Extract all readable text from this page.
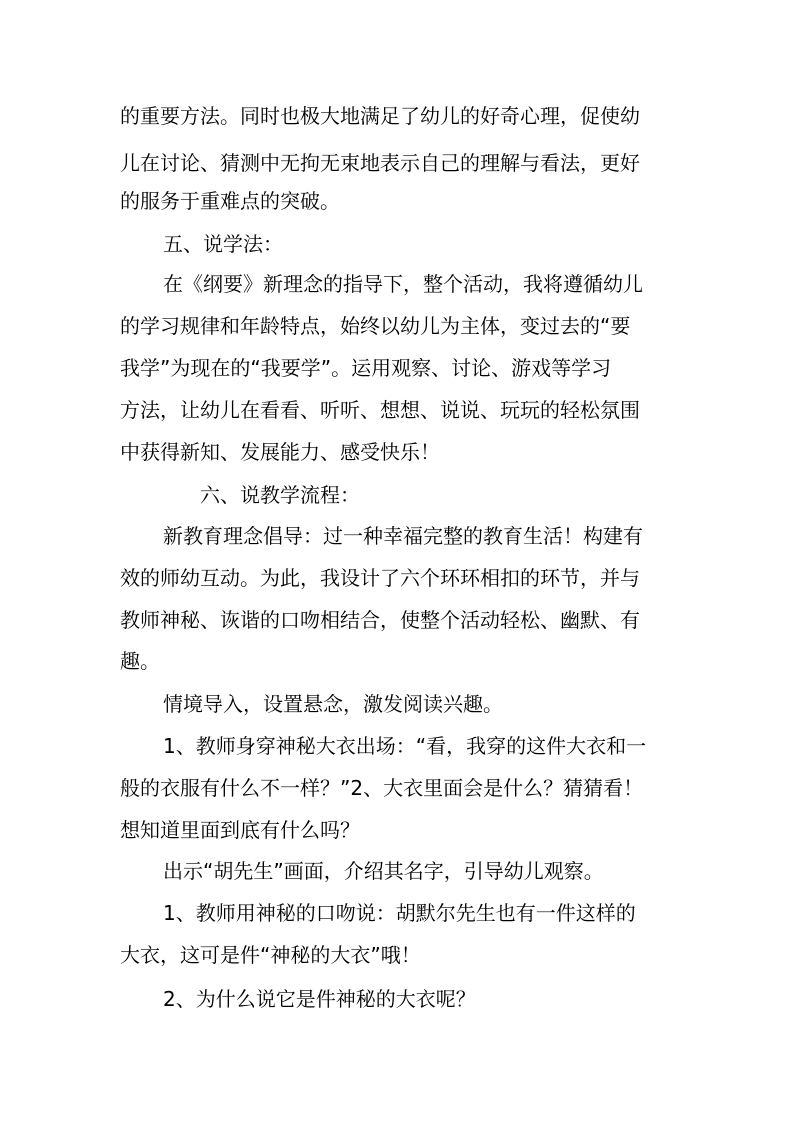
的重要方法。同时也极大地满足了幼儿的好奇心理，促使幼
儿在讨论、猜测中无拘无束地表示自己的理解与看法，更好
的服务于重难点的突破。
五、说学法：
在《纲要》新理念的指导下，整个活动，我将遵循幼儿
的学习规律和年龄特点，始终以幼儿为主体，变过去的“要
我学”为现在的“我要学”。运用观察、讨论、游戏等学习
方法，让幼儿在看看、听听、想想、说说、玩玩的轻松氛围
中获得新知、发展能力、感受快乐！
六、说教学流程：
新教育理念倡导：过一种幸福完整的教育生活！构建有
效的师幼互动。为此，我设计了六个环环相扣的环节，并与
教师神秘、诙谐的口吻相结合，使整个活动轻松、幽默、有
趣。
情境导入，设置悬念，激发阅读兴趣。
1、教师身穿神秘大衣出场：“看，我穿的这件大衣和一
般的衣服有什么不一样？”2、大衣里面会是什么？猜猜看！
想知道里面到底有什么吗？
出示“胡先生”画面，介绍其名字，引导幼儿观察。
1、教师用神秘的口吻说：胡默尔先生也有一件这样的
大衣，这可是件“神秘的大衣”哦！
2、为什么说它是件神秘的大衣呢？
